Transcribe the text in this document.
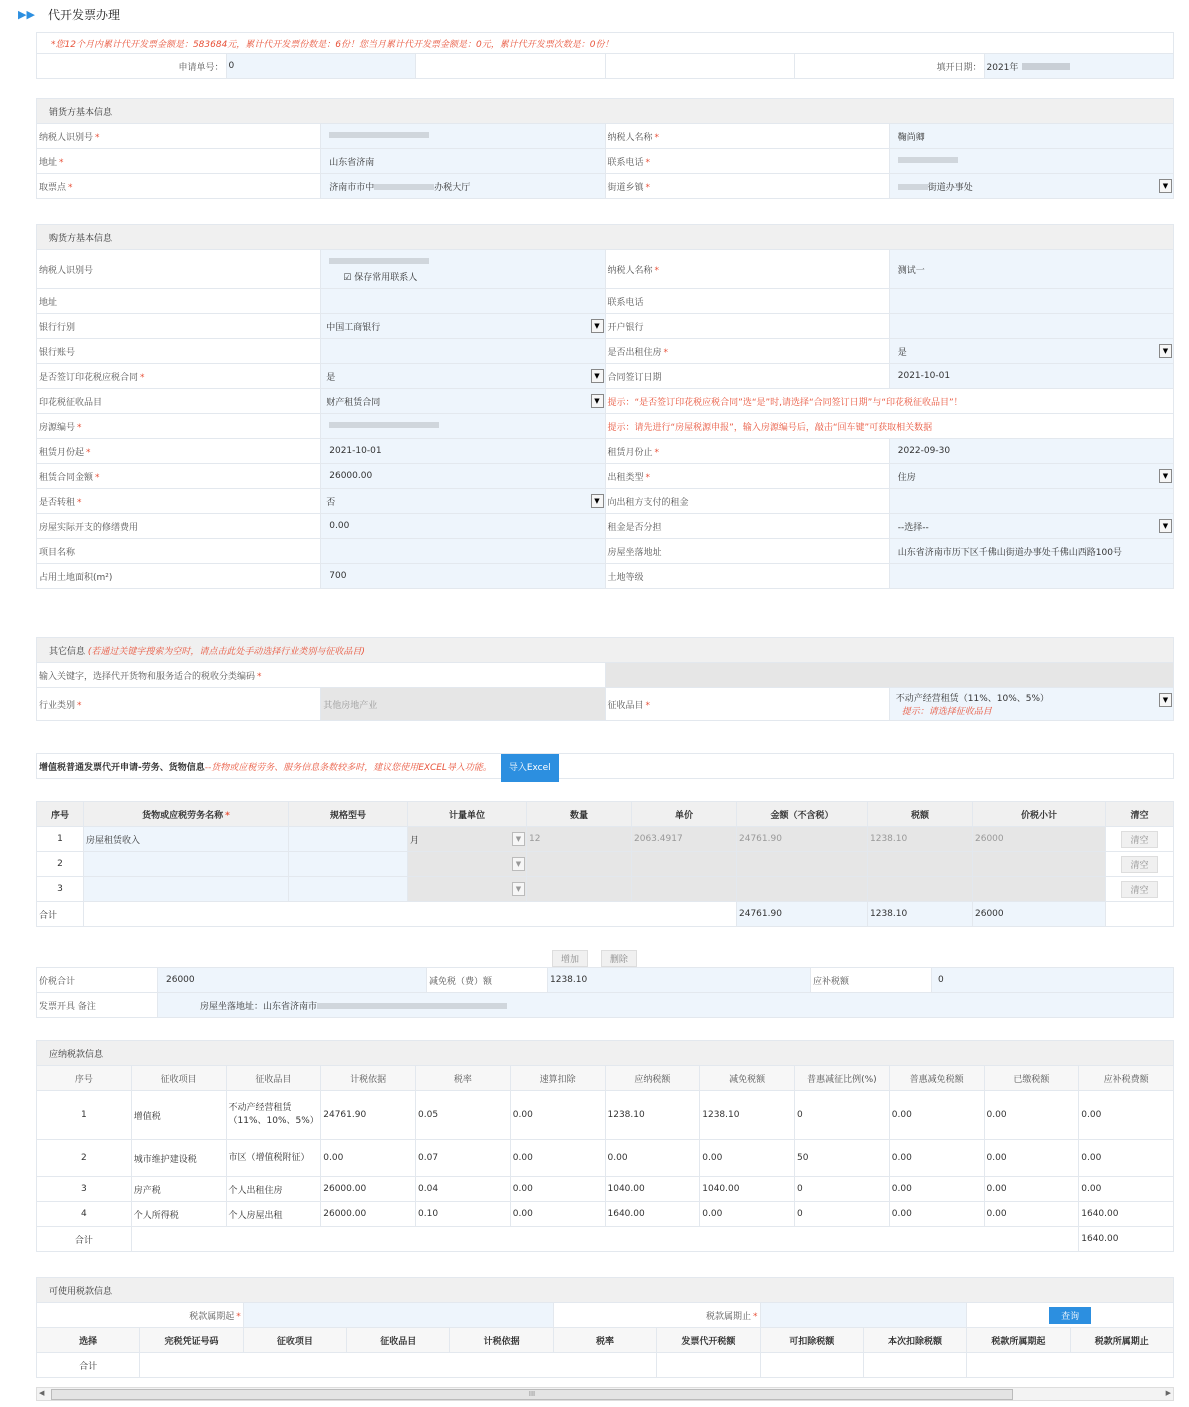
▶▶ 代开发票办理
*您12个月内累计代开发票金额是：583684元，累计代开发票份数是：6份！您当月累计代开发票金额是：0元，累计代开发票次数是：0份！
申请单号：	0			填开日期：	2021年
销货方基本信息			
纳税人识别号 *		纳税人名称 *	鞠尚卿
地址 *	山东省济南	联系电话 *	
取票点 *	济南市市中 办税大厅	街道乡镇 *	街道办事处 ▼
购货方基本信息			
纳税人识别号	☑ 保存常用联系人	纳税人名称 *	测试一
地址		联系电话	
银行行别	中国工商银行 ▼	开户银行	
银行账号		是否出租住房 *	是 ▼

是否签订印花税应税合同 *	是 ▼	合同签订日期	2021-10-01
印花税征收品目	财产租赁合同 ▼	提示：“是否签订印花税应税合同”选“是”时,请选择“合同签订日期”与“印花税征收品目”！	
房源编号 *		提示：请先进行“房屋税源申报”，输入房源编号后，敲击“回车键”可获取相关数据	
租赁月份起 *	2021-10-01	租赁月份止 *	2022-09-30
租赁合同金额 *	26000.00	出租类型 *	住房 ▼

是否转租 *	否 ▼	向出租方支付的租金	
房屋实际开支的修缮费用	0.00	租金是否分担	--选择-- ▼

项目名称		房屋坐落地址	山东省济南市历下区千佛山街道办事处千佛山西路100号
占用土地面积(m²)	700	土地等级	
其它信息 (若通过关键字搜索为空时，请点击此处手动选择行业类别与征收品目)			
输入关键字，选择代开货物和服务适合的税收分类编码 *			
行业类别 *	其他房地产业	征收品目 *	不动产经营租赁（11%、10%、5%）
提示：请选择征收品目
▼
增值税普通发票代开申请-劳务、货物信息--货物或应税劳务、服务信息条数较多时，建议您使用EXCEL导入功能。 导入Excel
序号	货物或应税劳务名称 *	规格型号	计量单位	数量	单价	金额（不含税）	税额	价税小计	清空
1	房屋租赁收入		月 ▼	12	2063.4917	24761.90	1238.10	26000	清空
2			▼						清空
3			▼						清空
合计						24761.90	1238.10	26000	
增加	删除
价税合计	26000	减免税（费）额	1238.10	应补税额	0
发票开具 备注	房屋坐落地址：山东省济南市				
应纳税款信息											
序号	征收项目	征收品目	计税依据	税率	速算扣除	应纳税额	减免税额	普惠减征比例(%)	普惠减免税额	已缴税额	应补税费额
1	增值税	不动产经营租赁（11%、10%、5%）	24761.90	0.05	0.00	1238.10	1238.10	0	0.00	0.00	0.00
2	城市维护建设税	市区（增值税附征）	0.00	0.07	0.00	0.00	0.00	50	0.00	0.00	0.00
3	房产税	个人出租住房	26000.00	0.04	0.00	1040.00	1040.00	0	0.00	0.00	0.00
4	个人所得税	个人房屋出租	26000.00	0.10	0.00	1640.00	0.00	0	0.00	0.00	1640.00
合计											1640.00
可使用税款信息										
税款属期起 *					税款属期止 *				查询	
选择	完税凭证号码	征收项目	征收品目	计税依据	税率	发票代开税额	可扣除税额	本次扣除税额	税款所属期起	税款所属期止
合计										
◀	III	▶
